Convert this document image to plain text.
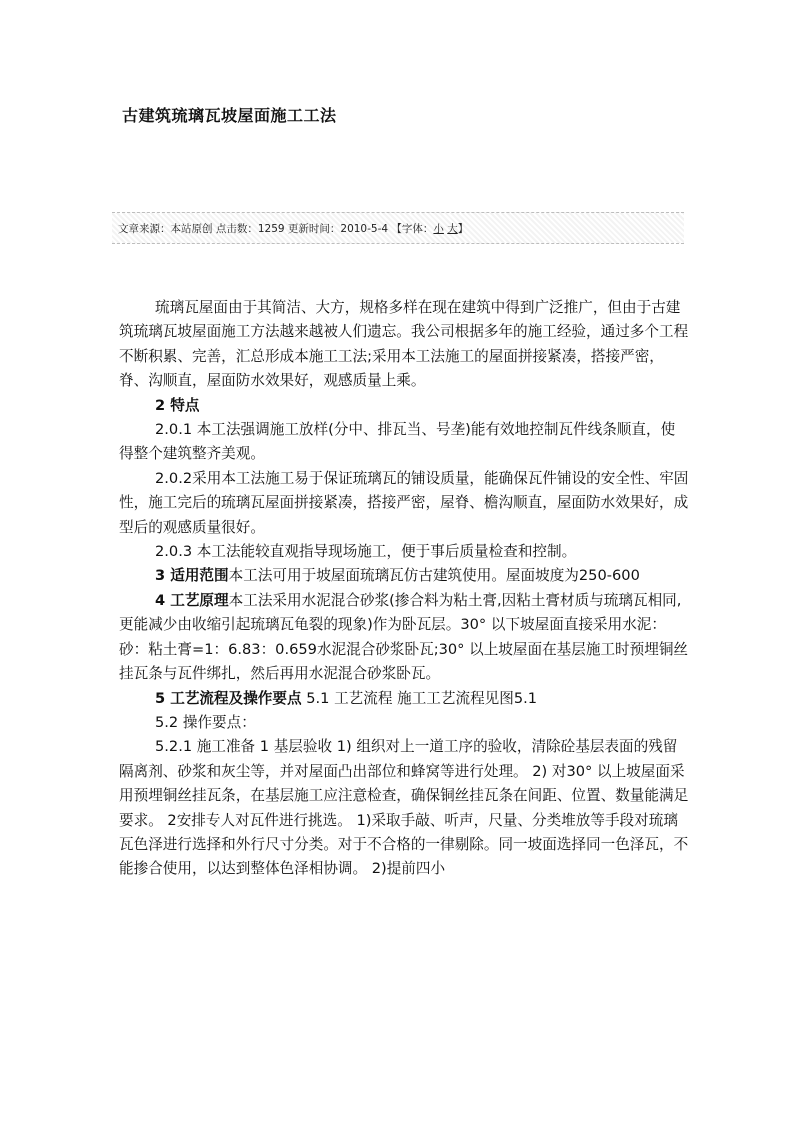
古建筑琉璃瓦坡屋面施工工法
文章来源：本站原创 点击数：1259 更新时间：2010-5-4 【字体：小 大】

琉璃瓦屋面由于其简洁、大方，规格多样在现在建筑中得到广泛推广，但由于古建筑琉璃瓦坡屋面施工方法越来越被人们遗忘。我公司根据多年的施工经验，通过多个工程不断积累、完善，汇总形成本施工工法;采用本工法施工的屋面拼接紧凑，搭接严密，脊、沟顺直，屋面防水效果好，观感质量上乘。

2 特点

2.0.1 本工法强调施工放样(分中、排瓦当、号垄)能有效地控制瓦件线条顺直，使得整个建筑整齐美观。

2.0.2采用本工法施工易于保证琉璃瓦的铺设质量，能确保瓦件铺设的安全性、牢固性，施工完后的琉璃瓦屋面拼接紧凑，搭接严密，屋脊、檐沟顺直，屋面防水效果好，成型后的观感质量很好。

2.0.3 本工法能较直观指导现场施工，便于事后质量检查和控制。

3 适用范围本工法可用于坡屋面琉璃瓦仿古建筑使用。屋面坡度为250-600

4 工艺原理本工法采用水泥混合砂浆(掺合料为粘土膏,因粘土膏材质与琉璃瓦相同,更能减少由收缩引起琉璃瓦龟裂的现象)作为卧瓦层。30° 以下坡屋面直接采用水泥：砂：粘土膏=1：6.83：0.659水泥混合砂浆卧瓦;30° 以上坡屋面在基层施工时预埋铜丝挂瓦条与瓦件绑扎，然后再用水泥混合砂浆卧瓦。

5 工艺流程及操作要点 5.1 工艺流程 施工工艺流程见图5.1

5.2 操作要点：

5.2.1 施工准备 1 基层验收 1) 组织对上一道工序的验收，清除砼基层表面的残留隔离剂、砂浆和灰尘等，并对屋面凸出部位和蜂窝等进行处理。 2) 对30° 以上坡屋面采用预埋铜丝挂瓦条，在基层施工应注意检查，确保铜丝挂瓦条在间距、位置、数量能满足要求。 2安排专人对瓦件进行挑选。 1)采取手敲、听声，尺量、分类堆放等手段对琉璃瓦色泽进行选择和外行尺寸分类。对于不合格的一律剔除。同一坡面选择同一色泽瓦，不能掺合使用，以达到整体色泽相协调。 2)提前四小
